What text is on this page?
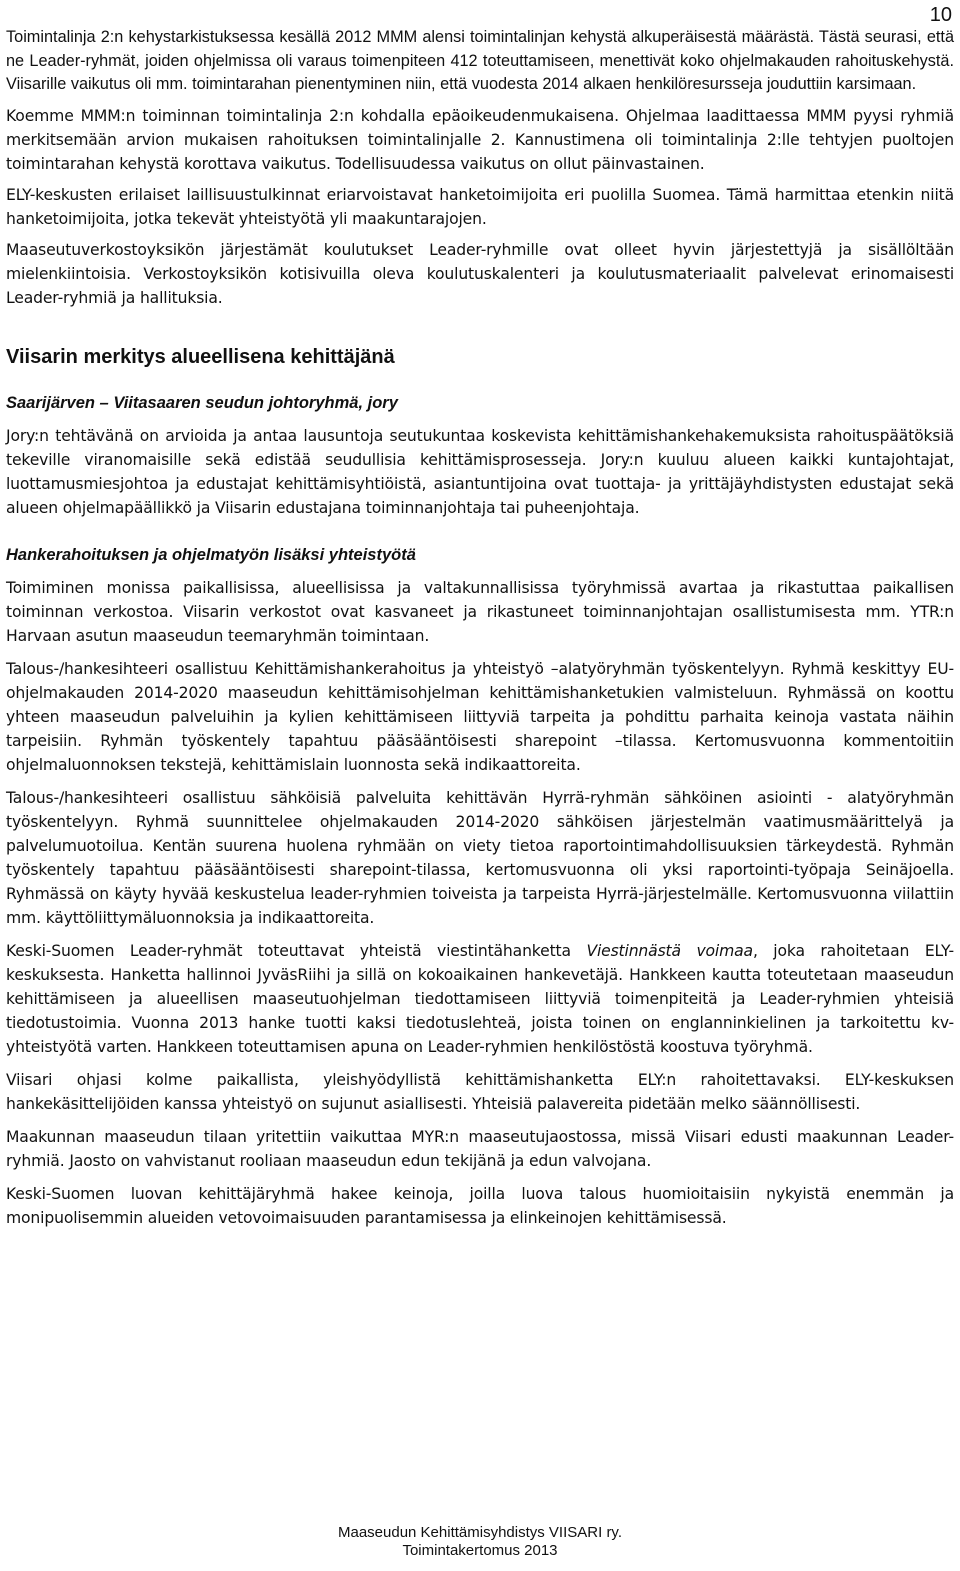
10

Toimintalinja 2:n kehystarkistuksessa kesällä 2012 MMM alensi toimintalinjan kehystä alkuperäisestä määrästä. Tästä seurasi, että ne Leader-ryhmät, joiden ohjelmissa oli varaus toimenpiteen 412 toteuttamiseen, menettivät koko ohjelmakauden rahoituskehystä. Viisarille vaikutus oli mm. toimintarahan pienentyminen niin, että vuodesta 2014 alkaen henkilöresursseja jouduttiin karsimaan.

Koemme MMM:n toiminnan toimintalinja 2:n kohdalla epäoikeudenmukaisena. Ohjelmaa laadittaessa MMM pyysi ryhmiä merkitsemään arvion mukaisen rahoituksen toimintalinjalle 2. Kannustimena oli toimintalinja 2:lle tehtyjen puoltojen toimintarahan kehystä korottava vaikutus. Todellisuudessa vaikutus on ollut päinvastainen.

ELY-keskusten erilaiset laillisuustulkinnat eriarvoistavat hanketoimijoita eri puolilla Suomea. Tämä harmittaa etenkin niitä hanketoimijoita, jotka tekevät yhteistyötä yli maakuntarajojen.

Maaseutuverkostoyksikön järjestämät koulutukset Leader-ryhmille ovat olleet hyvin järjestettyjä ja sisällöltään mielenkiintoisia. Verkostoyksikön kotisivuilla oleva koulutuskalenteri ja koulutusmateriaalit palvelevat erinomaisesti Leader-ryhmiä ja hallituksia.

Viisarin merkitys alueellisena kehittäjänä
Saarijärven – Viitasaaren seudun johtoryhmä, jory

Jory:n tehtävänä on arvioida ja antaa lausuntoja seutukuntaa koskevista kehittämishankehakemuksista rahoituspäätöksiä tekeville viranomaisille sekä edistää seudullisia kehittämisprosesseja. Jory:n kuuluu alueen kaikki kuntajohtajat, luottamusmiesjohtoa ja edustajat kehittämisyhtiöistä, asiantuntijoina ovat tuottaja- ja yrittäjäyhdistysten edustajat sekä alueen ohjelmapäällikkö ja Viisarin edustajana toiminnanjohtaja tai puheenjohtaja.

Hankerahoituksen ja ohjelmatyön lisäksi yhteistyötä

Toimiminen monissa paikallisissa, alueellisissa ja valtakunnallisissa työryhmissä avartaa ja rikastuttaa paikallisen toiminnan verkostoa. Viisarin verkostot ovat kasvaneet ja rikastuneet toiminnanjohtajan osallistumisesta mm. YTR:n Harvaan asutun maaseudun teemaryhmän toimintaan.

Talous-/hankesihteeri osallistuu Kehittämishankerahoitus ja yhteistyö –alatyöryhmän työskentelyyn. Ryhmä keskittyy EU-ohjelmakauden 2014-2020 maaseudun kehittämisohjelman kehittämishanketukien valmisteluun. Ryhmässä on koottu yhteen maaseudun palveluihin ja kylien kehittämiseen liittyviä tarpeita ja pohdittu parhaita keinoja vastata näihin tarpeisiin. Ryhmän työskentely tapahtuu pääsääntöisesti sharepoint –tilassa. Kertomusvuonna kommentoitiin ohjelmaluonnoksen tekstejä, kehittämislain luonnosta sekä indikaattoreita.

Talous-/hankesihteeri osallistuu sähköisiä palveluita kehittävän Hyrrä-ryhmän sähköinen asiointi - alatyöryhmän työskentelyyn. Ryhmä suunnittelee ohjelmakauden 2014-2020 sähköisen järjestelmän vaatimusmäärittelyä ja palvelumuotoilua. Kentän suurena huolena ryhmään on viety tietoa raportointimahdollisuuksien tärkeydestä. Ryhmän työskentely tapahtuu pääsääntöisesti sharepoint-tilassa, kertomusvuonna oli yksi raportointi-työpaja Seinäjoella. Ryhmässä on käyty hyvää keskustelua leader-ryhmien toiveista ja tarpeista Hyrrä-järjestelmälle. Kertomusvuonna viilattiin mm. käyttöliittymäluonnoksia ja indikaattoreita.

Keski-Suomen Leader-ryhmät toteuttavat yhteistä viestintähanketta Viestinnästä voimaa, joka rahoitetaan ELY-keskuksesta. Hanketta hallinnoi JyväsRiihi ja sillä on kokoaikainen hankevetäjä. Hankkeen kautta toteutetaan maaseudun kehittämiseen ja alueellisen maaseutuohjelman tiedottamiseen liittyviä toimenpiteitä ja Leader-ryhmien yhteisiä tiedotustoimia. Vuonna 2013 hanke tuotti kaksi tiedotuslehteä, joista toinen on englanninkielinen ja tarkoitettu kv-yhteistyötä varten. Hankkeen toteuttamisen apuna on Leader-ryhmien henkilöstöstä koostuva työryhmä.

Viisari ohjasi kolme paikallista, yleishyödyllistä kehittämishanketta ELY:n rahoitettavaksi. ELY-keskuksen hankekäsittelijöiden kanssa yhteistyö on sujunut asiallisesti. Yhteisiä palavereita pidetään melko säännöllisesti.

Maakunnan maaseudun tilaan yritettiin vaikuttaa MYR:n maaseutujaostossa, missä Viisari edusti maakunnan Leader-ryhmiä. Jaosto on vahvistanut rooliaan maaseudun edun tekijänä ja edun valvojana.

Keski-Suomen luovan kehittäjäryhmä hakee keinoja, joilla luova talous huomioitaisiin nykyistä enemmän ja monipuolisemmin alueiden vetovoimaisuuden parantamisessa ja elinkeinojen kehittämisessä.

Maaseudun Kehittämisyhdistys VIISARI ry.
Toimintakertomus 2013
